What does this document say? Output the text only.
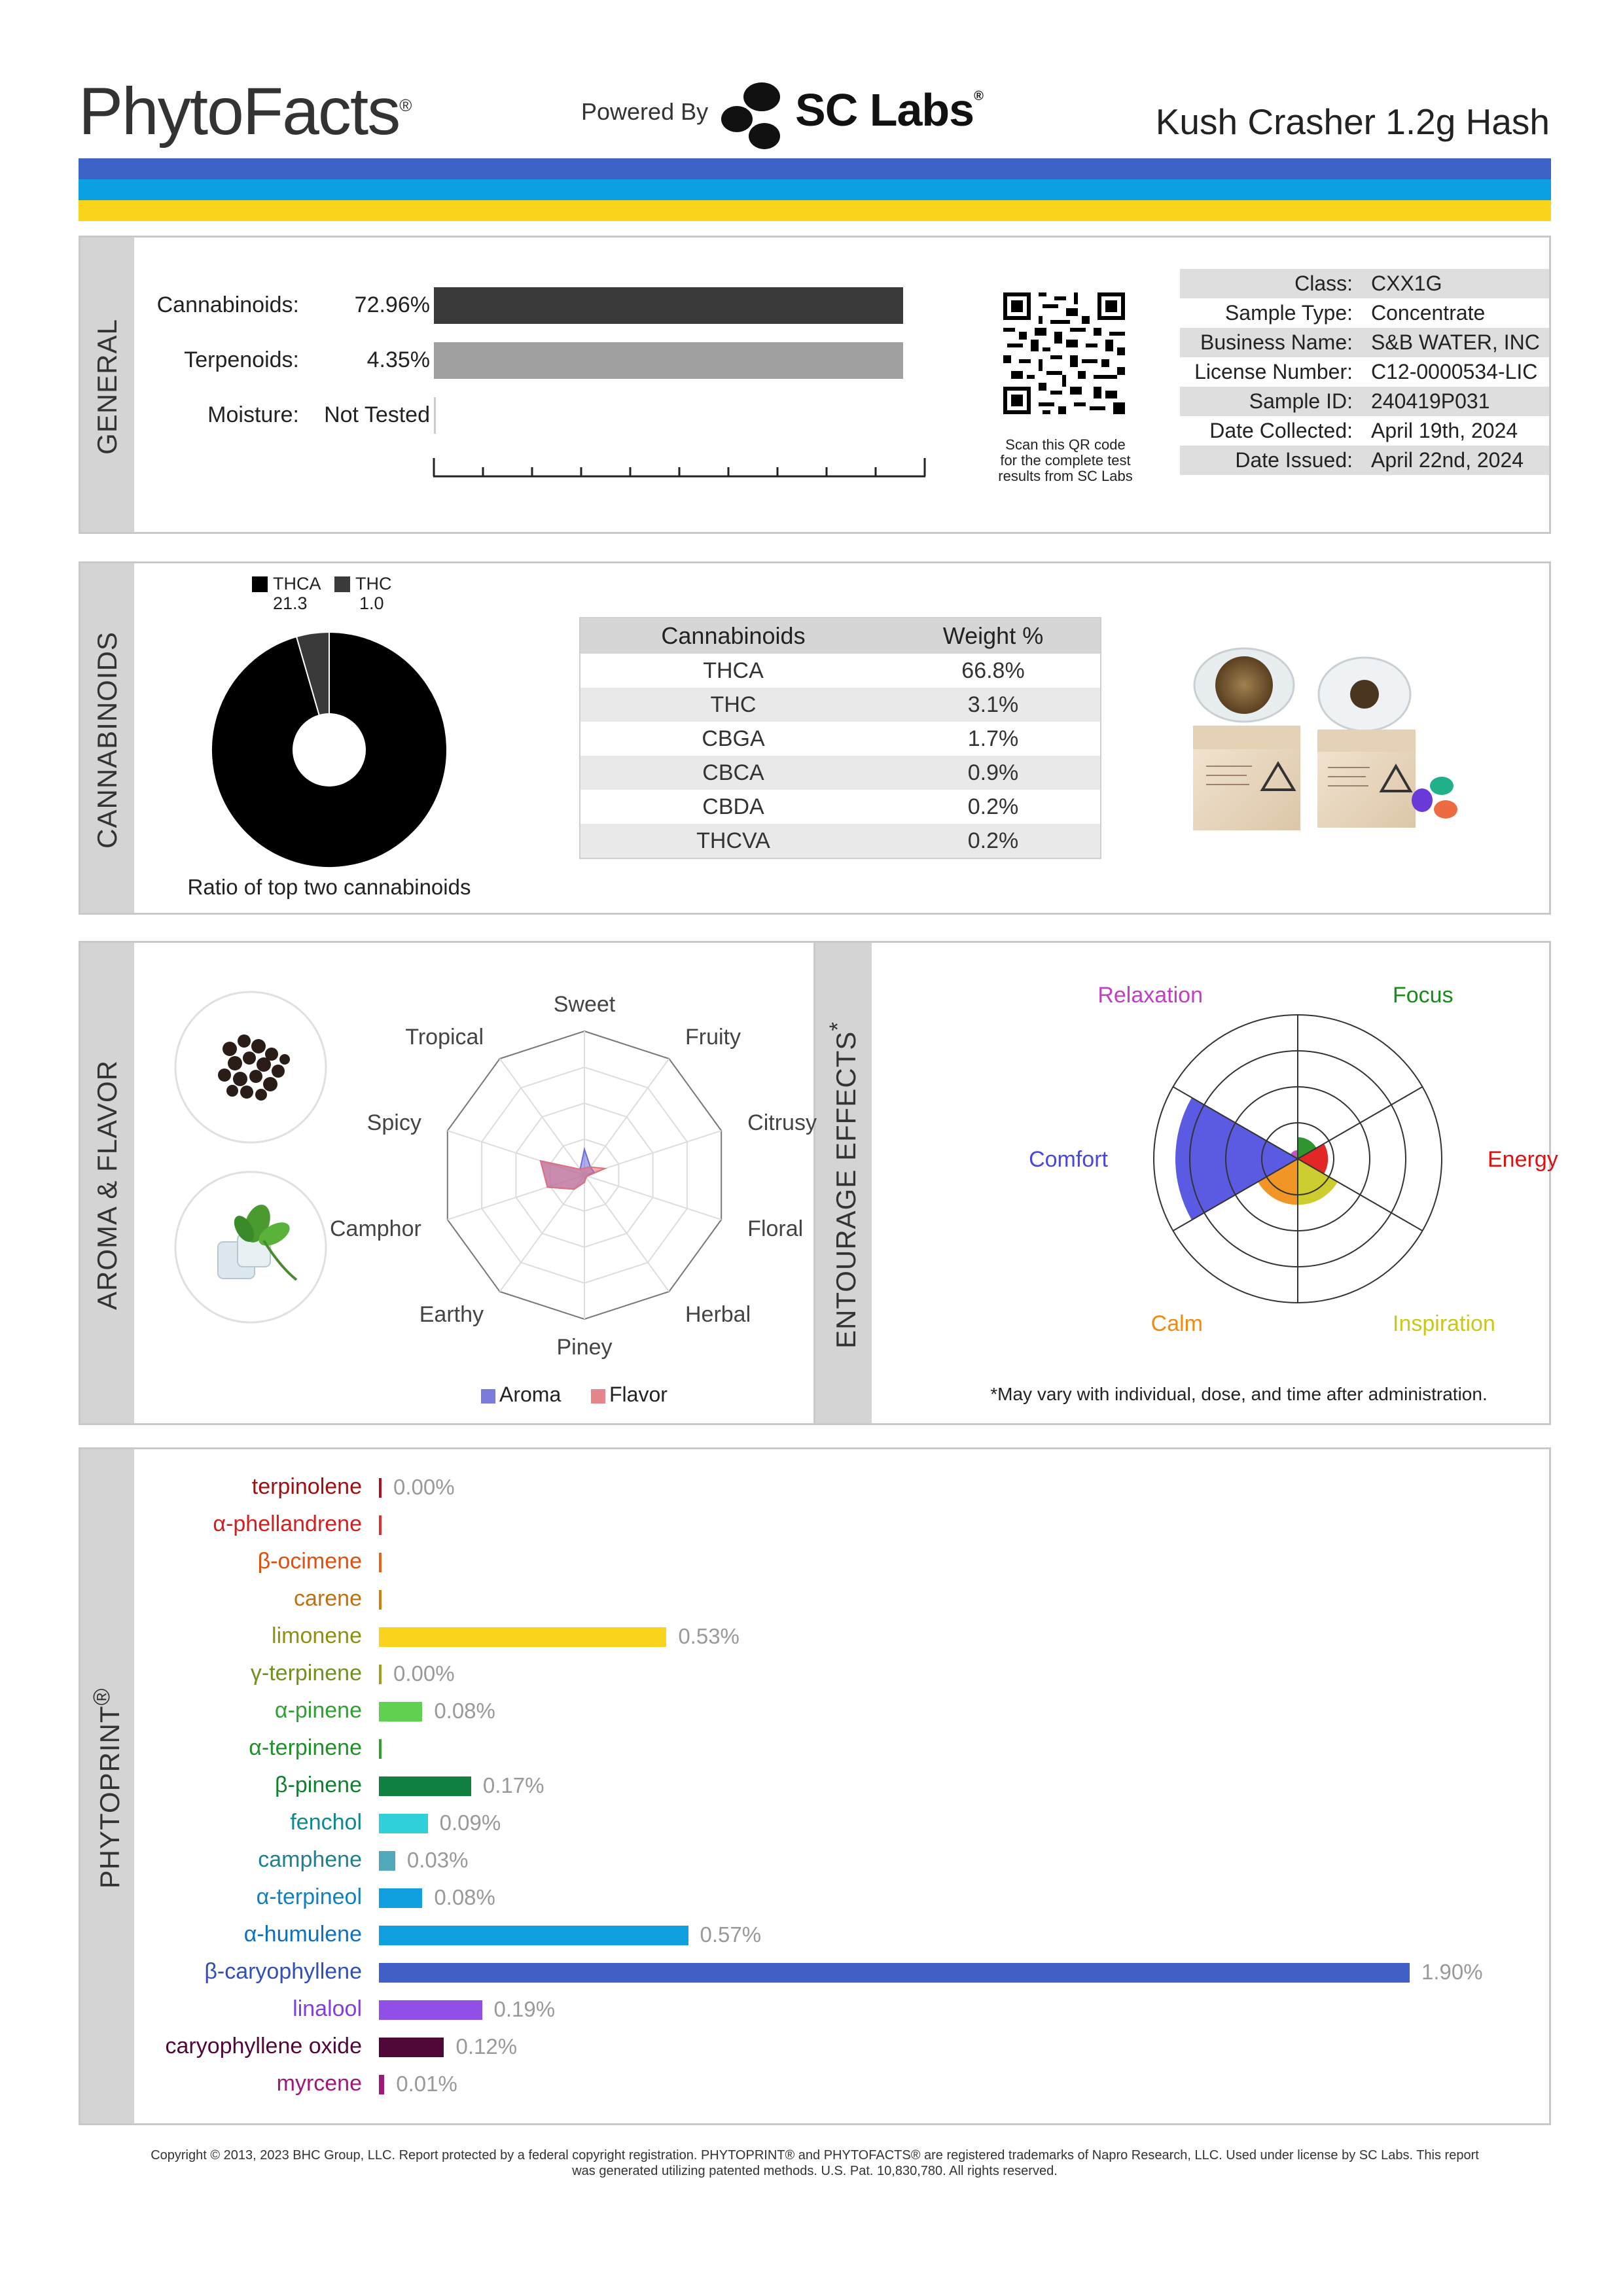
PhytoFacts®	Powered By SC Labs®
Kush Crasher 1.2g Hash
GENERAL
Cannabinoids: 72.96%
Terpenoids:	4.35%
Moisture: Not Tested
Scan this QR code
for the complete test
results from SC Labs
Class:	CXX1G
Sample Type:	Concentrate
Business Name:	S&B WATER, INC
License Number:	C12-0000534-LIC
Sample ID:	240419P031
Date Collected:	April 19th, 2024
Date Issued:	April 22nd, 2024
CANNABINOIDS
THCA
21.3
THC
1.0
Ratio of top two cannabinoids
Cannabinoids	Weight %
THCA	66.8%
THC	3.1%
CBGA	1.7%
CBCA	0.9%
CBDA	0.2%
THCVA	0.2%
AROMA & FLAVOR	ENTOURAGE EFFECTS*
Sweet
Fruity
Citrusy
Floral
Herbal
Piney
Earthy
Camphor
Spicy
Tropical
Aroma Flavor
Focus
Energy
Inspiration
Calm
Comfort
Relaxation
*May vary with individual, dose, and time after administration.
PHYTOPRINT®
terpinolene 0.00%
α-phellandrene
β-ocimene
carene
limonene	0.53%
γ-terpinene 0.00%
α-pinene	0.08%
α-terpinene
β-pinene	0.17%
fenchol	0.09%
camphene 0.03%
α-terpineol	0.08%
α-humulene	0.57%
β-caryophyllene	1.90%
linalool	0.19%
caryophyllene oxide	0.12%
myrcene 0.01%
Copyright © 2013, 2023 BHC Group, LLC. Report protected by a federal copyright registration. PHYTOPRINT® and PHYTOFACTS® are registered trademarks of Napro Research, LLC. Used under license by SC Labs. This report
was generated utilizing patented methods. U.S. Pat. 10,830,780. All rights reserved.
